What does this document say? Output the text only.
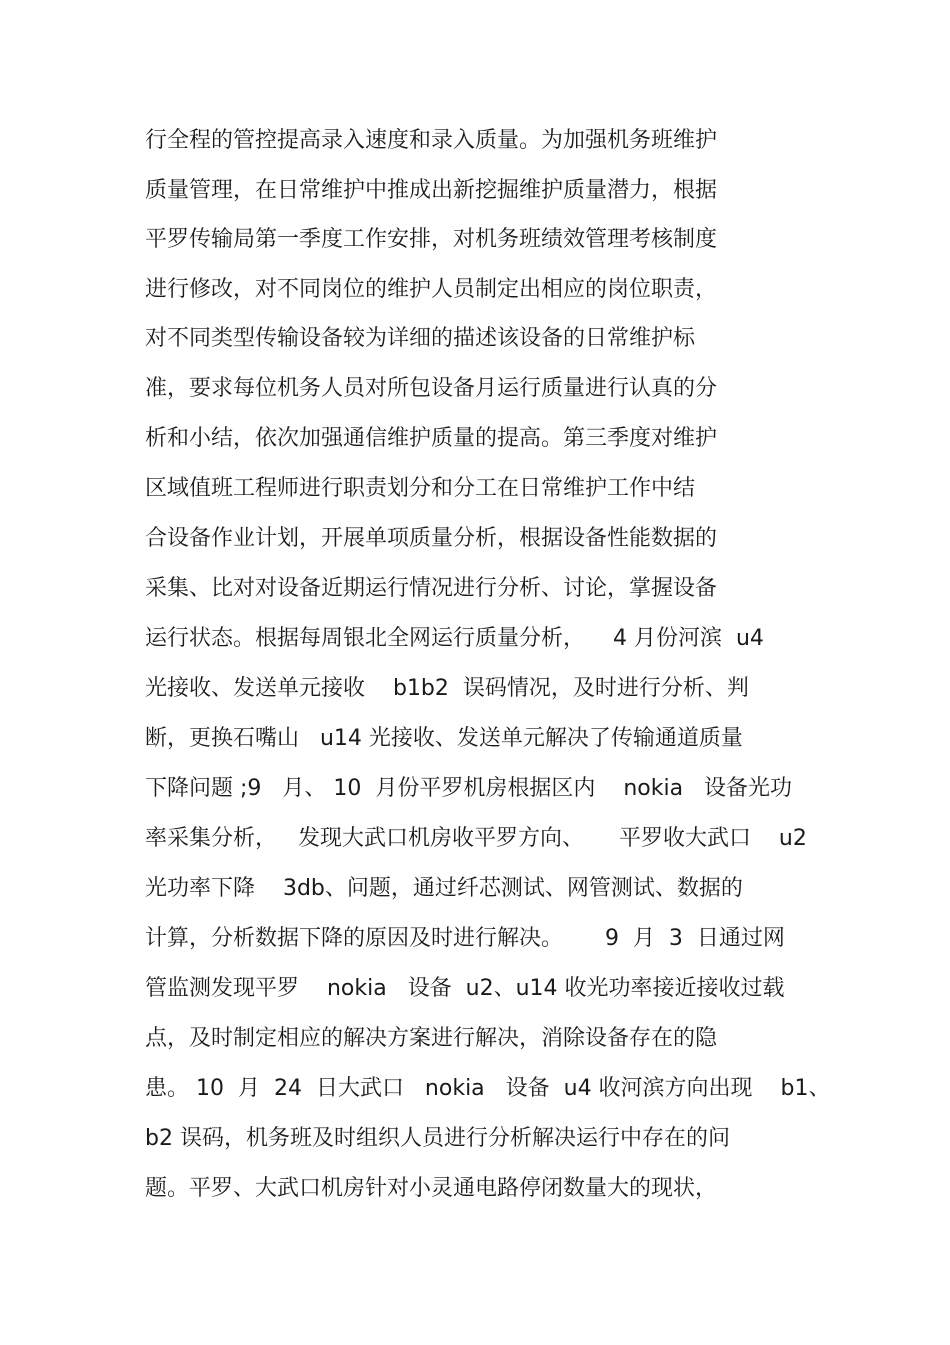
行全程的管控提高录入速度和录入质量。为加强机务班维护

质量管理，在日常维护中推成出新挖掘维护质量潜力，根据

平罗传输局第一季度工作安排，对机务班绩效管理考核制度

进行修改，对不同岗位的维护人员制定出相应的岗位职责，

对不同类型传输设备较为详细的描述该设备的日常维护标

准，要求每位机务人员对所包设备月运行质量进行认真的分

析和小结，依次加强通信维护质量的提高。第三季度对维护

区域值班工程师进行职责划分和分工在日常维护工作中结

合设备作业计划，开展单项质量分析，根据设备性能数据的

采集、比对对设备近期运行情况进行分析、讨论，掌握设备

运行状态。根据每周银北全网运行质量分析，    4 月份河滨  u4

光接收、发送单元接收    b1b2  误码情况，及时进行分析、判

断，更换石嘴山   u14 光接收、发送单元解决了传输通道质量

下降问题 ;9   月、 10  月份平罗机房根据区内    nokia   设备光功

率采集分析，   发现大武口机房收平罗方向、     平罗收大武口    u2

光功率下降    3db、问题，通过纤芯测试、网管测试、数据的

计算，分析数据下降的原因及时进行解决。      9  月  3  日通过网

管监测发现平罗    nokia   设备  u2、u14 收光功率接近接收过载

点，及时制定相应的解决方案进行解决，消除设备存在的隐

患。 10  月  24  日大武口   nokia   设备  u4 收河滨方向出现    b1、

b2 误码，机务班及时组织人员进行分析解决运行中存在的问

题。平罗、大武口机房针对小灵通电路停闭数量大的现状，
